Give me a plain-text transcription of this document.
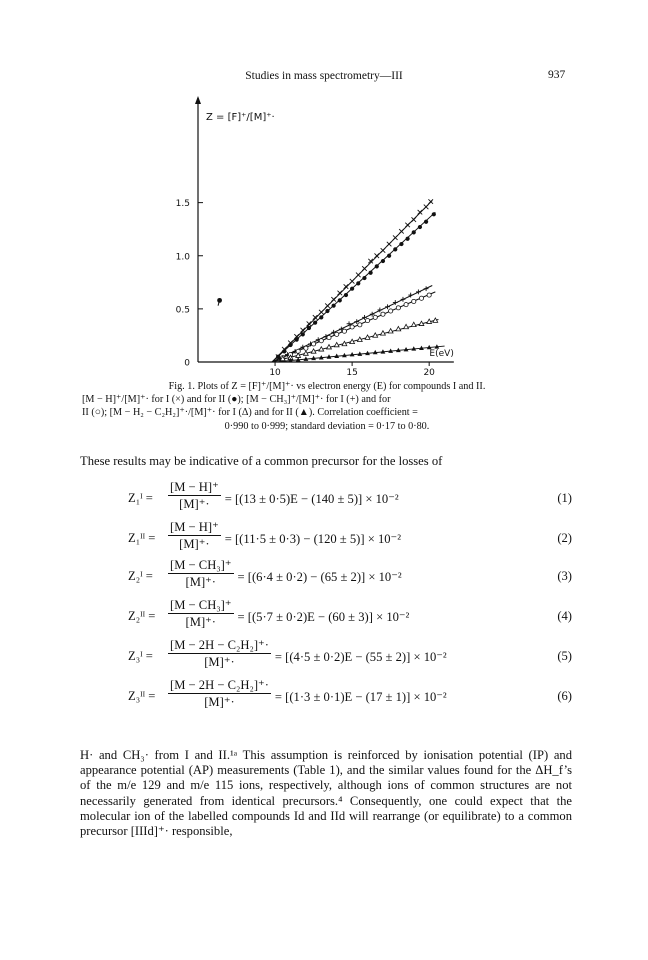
Studies in mass spectrometry—III	937
0
0.5
1.0
1.5
10	15	20
Z = [F]⁺/[M]⁺·
E(eV)
Fig. 1. Plots of Z = [F]⁺/[M]⁺· vs electron energy (E) for compounds I and II.
[M − H]⁺/[M]⁺· for I (×) and for II (●); [M − CH₃]⁺/[M]⁺· for I (+) and for
II (○); [M − H₂ − C₂H₂]⁺·/[M]⁺· for I (Δ) and for II (▲). Correlation coefficient =
0·990 to 0·999; standard deviation = 0·17 to 0·80.
These results may be indicative of a common precursor for the losses of
Z₁ᴵ = $\frac{[M - H]^+}{[M]^+\cdot} = [(13 \pm 0\cdot 5)E - (140 \pm 5)] \times 10^{-2}$	(1)
Z₁ᴵᴵ = $\frac{[M - H]^+}{[M]^+\cdot} = [(11\cdot 5 \pm 0\cdot 3) - (120 \pm 5)] \times 10^{-2}$	(2)
Z₂ᴵ = $\frac{\text{[M − CH₃]⁺}}{[M]^+\cdot} = [(6\cdot 4 \pm 0\cdot 2) - (65 \pm 2)] \times 10^{-2}$	(3)
Z₂ᴵᴵ = $\frac{\text{[M − CH₃]⁺}}{[M]^+\cdot} = [(5\cdot 7 \pm 0\cdot 2)E - (60 \pm 3)] \times 10^{-2}$	(4)
Z₃ᴵ = $\frac{\text{[M − 2H − C₂H₂]⁺·}}{[M]^+\cdot} = [(4\cdot 5 \pm 0\cdot 2)E - (55 \pm 2)] \times 10^{-2}$	(5)
Z₃ᴵᴵ = $\frac{\text{[M − 2H − C₂H₂]⁺·}}{[M]^+\cdot} = [(1\cdot 3 \pm 0\cdot 1)E - (17 \pm 1)] \times 10^{-2}$	(6)
H· and CH₃· from I and II.¹ᵃ This assumption is reinforced by ionisation potential (IP) and appearance potential (AP) measurements (Table 1), and the similar values found for the ΔH_f’s of the m/e 129 and m/e 115 ions, respectively, although ions of common structures are not necessarily generated from identical precursors.⁴ Consequently, one could expect that the molecular ion of the labelled compounds Id and IId will rearrange (or equilibrate) to a common precursor [IIId]⁺· responsible,
